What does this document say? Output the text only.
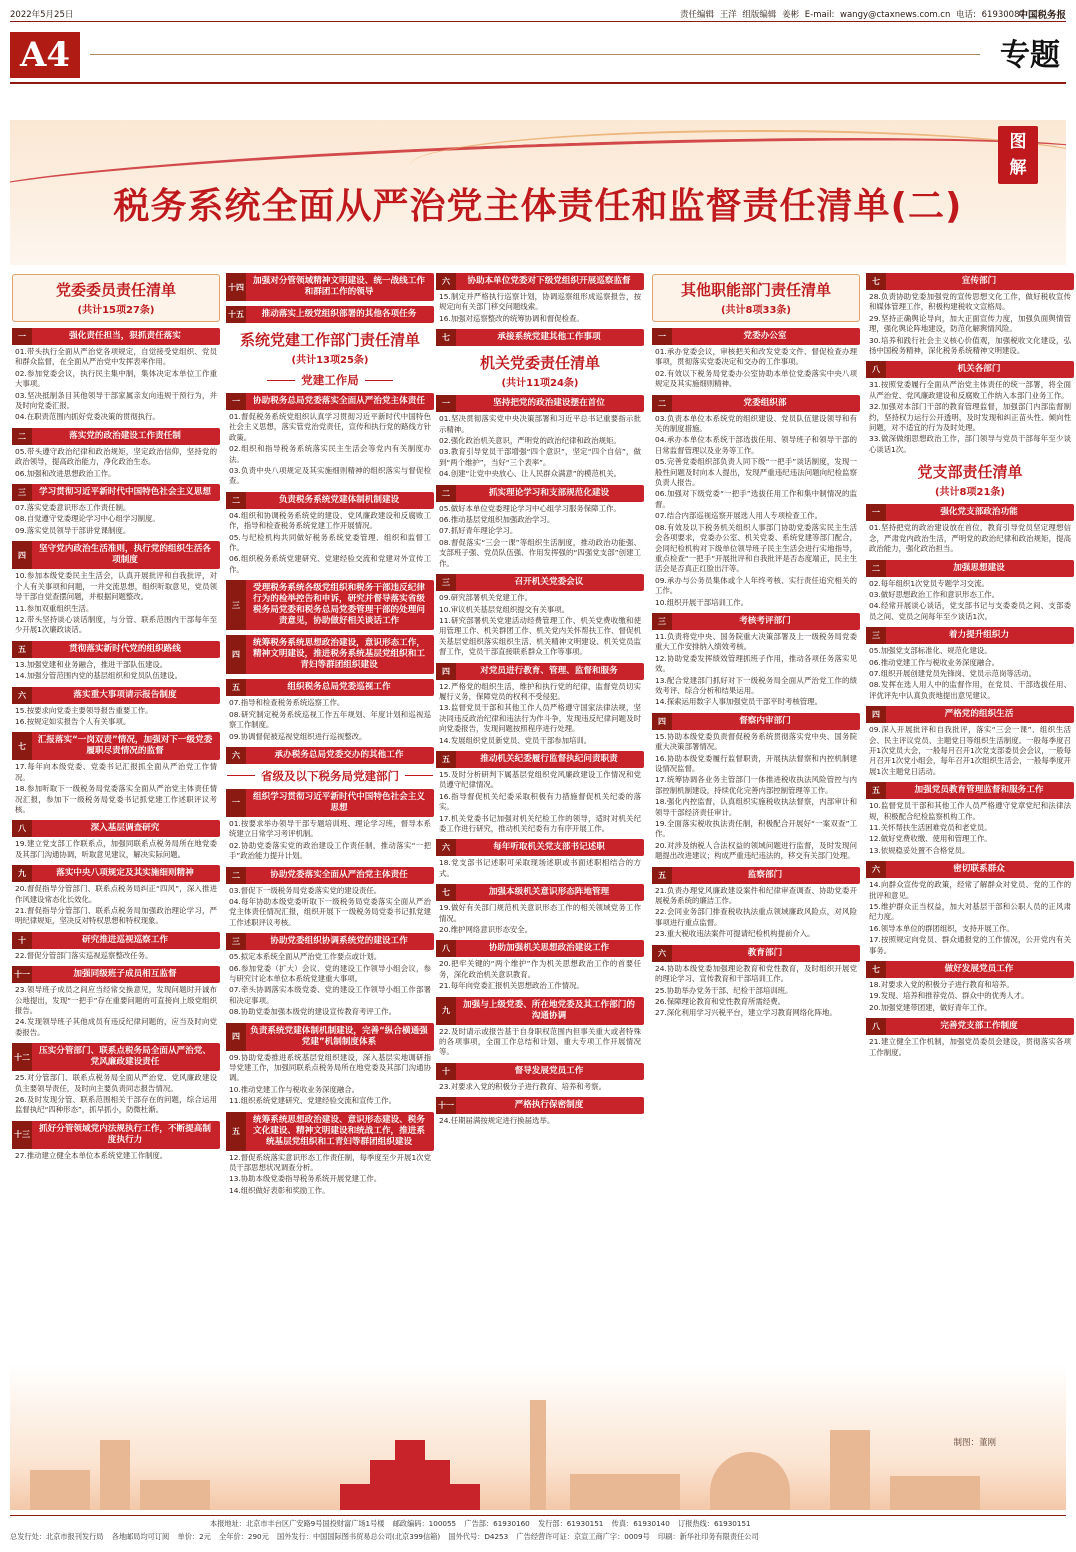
2022年5月25日	责任编辑 王洋 组版编辑 姜彬 E-mail: wangy@ctaxnews.com.cn 电话: 61930087
中国税务报
A4	专题
图
解
税务系统全面从严治党主体责任和监督责任清单(二)
党委委员责任清单
(共计15项27条)
一	强化责任担当，狠抓责任落实

01.带头执行全面从严治党各项规定，自觉接受党组织、党员和群众监督，在全面从严治党中发挥表率作用。

02.参加党委会议，执行民主集中制，集体决定本单位工作重大事项。

03.坚决抵制条目其他领导干部家属亲友向违规干预行为，并及时向党委汇报。

04.在职责范围内抓好党委决策的贯彻执行。

二	落实党的政治建设工作责任制

05.带头遵守政治纪律和政治规矩，坚定政治信仰，坚持党的政治领导，提高政治能力，净化政治生态。

06.加强和改进思想政治工作。

三	学习贯彻习近平新时代中国特色社会主义思想

07.落实党委意识形态工作责任制。

08.自觉遵守党委理论学习中心组学习制度。

09.落实党员领导干部讲党课制度。

四
坚守党内政治生活准则，执行党的组织生活各项制度

10.参加本级党委民主生活会，认真开展批评和自我批评，对个人有关事项和问题，一并交流思想，组织听取意见，党员领导干部自觉查摆问题，并根据问题整改。

11.参加双重组织生活。

12.带头坚持谈心谈话制度，与分管、联系范围内干部每年至少开展1次廉政谈话。

五	贯彻落实新时代党的组织路线

13.加强党建和业务融合，推进干部队伍建设。

14.加强分管范围内党的基层组织和党员队伍建设。

六	落实重大事项请示报告制度

15.按要求向党委主要领导报告重要工作。

16.按规定如实报告个人有关事项。

七
汇报落实“一岗双责”情况，加强对下一级党委履职尽责情况的监督

17.每年向本级党委、党委书记汇报抓全面从严治党工作情况。

18.参加听取下一级税务局党委落实全面从严治党主体责任情况汇报，参加下一级税务局党委书记抓党建工作述职评议考核。

八	深入基层调查研究

19.建立党支部工作联系点，加强同联系点税务局所在地党委及其部门沟通协调，听取意见建议，解决实际问题。

九	落实中央八项规定及其实施细则精神

20.督促指导分管部门、联系点税务局纠正“四风”，深入推进作风建设常态化长效化。

21.督促指导分管部门、联系点税务局加强政治理论学习，严明纪律规矩，坚决反对特权思想和特权现象。

十	研究推进巡视巡察工作

22.督促分管部门落实巡视巡察整改任务。

十一	加强同级班子成员相互监督

23.领导班子成员之间应当经常交换意见，发现问题时开诚布公地提出，发现“一把手”存在重要问题的可直接向上级党组织报告。

24.发现领导班子其他成员有违反纪律问题的，应当及时向党委报告。

十二
压实分管部门、联系点税务局全面从严治党、党风廉政建设责任

25.对分管部门、联系点税务局全面从严治党、党风廉政建设负主要领导责任，及时向主要负责同志报告情况。

26.及时发现分管、联系范围相关干部存在的问题，综合运用监督执纪“四种形态”，抓早抓小，防微杜渐。

十三
抓好分管领域党内法规执行工作，不断提高制度执行力

27.推动建立健全本单位本系统党建工作制度。

十四
加强对分管领域精神文明建设、统一战线工作和群团工作的领导
十五 推动落实上级党组织部署的其他各项任务
系统党建工作部门责任清单
(共计13项25条)
党建工作局
一	协助税务总局党委落实全面从严治党主体责任

01.督促税务系统党组织认真学习贯彻习近平新时代中国特色社会主义思想，落实管党治党责任，宣传和执行党的路线方针政策。

02.组织和指导税务系统落实民主生活会等党内有关制度办法。

03.负责中央八项规定及其实施细则精神的组织落实与督促检查。

二	负责税务系统党建体制机制建设

04.组织和协调税务系统党的建设、党风廉政建设和反腐败工作，指导和检查税务系统党建工作开展情况。

05.与纪检机构共同做好税务系统党委管理、组织和监督工作。

06.组织税务系统党建研究、党建经验交流和党建对外宣传工作。

三
受理税务系统各级党组织和税务干部违反纪律行为的检举控告和申诉，研究并督导落实省级税务局党委和税务总局党委管理干部的处理问责意见，协助做好相关谈话工作
四
统筹税务系统思想政治建设，意识形态工作，精神文明建设，推进税务系统基层党组织和工青妇等群团组织建设
五	组织税务总局党委巡视工作

07.指导和检查税务系统巡察工作。

08.研究制定税务系统巡视工作五年规划、年度计划和巡视巡察工作制度。

09.协调督促被巡视党组织进行巡视整改。

六	承办税务总局党委交办的其他工作
省级及以下税务局党建部门
一
组织学习贯彻习近平新时代中国特色社会主义思想

01.按要求举办领导干部专题培训班、理论学习班，督导本系统建立日常学习考评机制。

02.协助党委落实党的政治建设工作责任制，推动落实“一把手”政治能力提升计划。

二	协助党委落实全面从严治党主体责任

03.督促下一级税务局党委落实党的建设责任。

04.每年协助本级党委听取下一级税务局党委落实全面从严治党主体责任情况汇报，组织开展下一级税务局党委书记抓党建工作述职评议考核。

三	协助党委组织协调系统党的建设工作

05.拟定本系统全面从严治党工作要点或计划。

06.参加党委（扩大）会议、党的建设工作领导小组会议，参与研究讨论本单位本系统党建重大事项。

07.牵头协调落实本级党委、党的建设工作领导小组工作部署和决定事项。

08.协助党委加强本级党的建设宣传教育考评工作。

四
负责系统党建体制机制建设，完善“纵合横通强党建”机制制度体系

09.协助党委推进系统基层党组织建设，深入基层实地调研指导党建工作，加强同联系点税务局所在地党委及其部门沟通协调。

10.推动党建工作与税收业务深度融合。

11.组织系统党建研究、党建经验交流和宣传工作。

五
统筹系统思想政治建设、意识形态建设、税务文化建设、精神文明建设和统战工作，推进系统基层党组织和工青妇等群团组织建设

12.督促系统落实意识形态工作责任制，每季度至少开展1次党员干部思想状况调查分析。

13.协助本级党委指导税务系统开展党建工作。

14.组织做好表彰和奖励工作。

六	协助本单位党委对下级党组织开展巡察监督

15.制定并严格执行巡察计划，协调巡察组形成巡察报告，按规定向有关部门移交问题线索。

16.加强对巡察整改的统筹协调和督促检查。

七	承接系统党建其他工作事项
机关党委责任清单
(共计11项24条)
一	坚持把党的政治建设摆在首位

01.坚决贯彻落实党中央决策部署和习近平总书记重要指示批示精神。

02.强化政治机关意识，严明党的政治纪律和政治规矩。

03.教育引导党员干部增强“四个意识”，坚定“四个自信”，做到“两个维护”，当好“三个表率”。

04.创建“让党中央放心、让人民群众满意”的模范机关。

二	抓实理论学习和支部规范化建设

05.做好本单位党委理论学习中心组学习服务保障工作。

06.推动基层党组织加强政治学习。

07.抓好青年理论学习。

08.督促落实“三会一课”等组织生活制度，推动政治功能强、支部班子强、党员队伍强、作用发挥强的“四强党支部”创建工作。

三	召开机关党委会议

09.研究部署机关党建工作。

10.审议机关基层党组织提交有关事项。

11.研究部署机关党建活动经费管理工作、机关党费收缴和使用管理工作、机关群团工作、机关党内关怀帮扶工作、督促机关基层党组织落实组织生活、机关精神文明建设、机关党员监督工作，党员干部直接联系群众工作等事项。

四	对党员进行教育、管理、监督和服务

12.严格党的组织生活，维护和执行党的纪律，监督党员切实履行义务，保障党员的权利不受侵犯。

13.监督党员干部和其他工作人员严格遵守国家法律法规，坚决同违反政治纪律和违法行为作斗争，发现违反纪律问题及时向党委报告，发现问题按照程序进行处理。

14.发展组织党员新党员、党员干部参加培训。

五	推动机关纪委履行监督执纪问责职责

15.及时分析研判下属基层党组织党风廉政建设工作情况和党员遵守纪律情况。

16.指导督促机关纪委采取积极有力措施督促机关纪委的落实。

17.机关党委书记加强对机关纪检工作的领导，适时对机关纪委工作进行研究，推动机关纪委有力有序开展工作。

六	每年听取机关党支部书记述职

18.党支部书记述职可采取现场述职或书面述职相结合的方式。

七	加强本级机关意识形态阵地管理

19.做好有关部门规范机关意识形态工作的相关领域党务工作情况。

20.维护网络意识形态安全。

八	协助加强机关思想政治建设工作

20.把牢关键的“两个维护”作为机关思想政治工作的首要任务，深化政治机关意识教育。

21.每年向党委汇报机关思想政治工作情况。

九
加强与上级党委、所在地党委及其工作部门的沟通协调

22.及时请示或报告基于自身职权范围内但事关重大或者特殊的各项事项，全面工作总结和计划、重大专项工作开展情况等。

十	督导发展党员工作

23.对要求入党的积极分子进行教育、培养和考察。

十一	严格执行保密制度

24.任期届满按规定进行换届选举。

其他职能部门责任清单
(共计8项33条)
一	党委办公室

01.承办党委会议，审核把关和改发党委文件、督促检查办理事项，贯彻落实党委决定和交办的工作事项。

02.有效以下税务局党委办公室协助本单位党委落实中央八项规定及其实施细则精神。

二	党委组织部

03.负责本单位本系统党的组织建设、党员队伍建设领导和有关的制度措施。

04.承办本单位本系统干部选拔任用、领导班子和领导干部的日常监督管理以及业务等工作。

05.完善党委组织部负责人同下级“一把手”谈话制度，发现一般性问题及时向本人提出，发现严重违纪违法问题向纪检监察负责人报告。

06.加强对下级党委“一把手”选拔任用工作和集中制情况的监督。

07.结合内部巡视巡察开展选人用人专项检查工作。

08.有效及以下税务机关组织人事部门协助党委落实民主生活会各项要求，党委办公室、机关党委、系统党建等部门配合，会同纪检机构对下级单位领导班子民主生活会进行实地指导，重点检查“一把手”开展批评和自我批评是否态度端正，民主生活会是否真正红脸出汗等。

09.承办与公务员集体或个人年终考核、实行责任追究相关的工作。

10.组织开展干部培训工作。

三	考核考评部门

11.负责将党中央、国务院重大决策部署及上一级税务局党委重大工作安排纳入绩效考核。

12.协助党委发挥绩效管理抓班子作用，推动各项任务落实见效。

13.配合党建部门抓好对下一级税务局全面从严治党工作的绩效考评、综合分析和结果运用。

14.探索运用数字人事加强党员干部平时考核管理。

四	督察内审部门

15.协助本级党委负责督促税务系统贯彻落实党中央、国务院重大决策部署情况。

16.协助本级党委履行监督职责，开展执法督察和内控机制建设情况监督。

17.统筹协调各业务主管部门一体推进税收执法风险管控与内部控制机制建设，持续优化完善内部控制管理等工作。

18.强化内控监督，认真组织实施税收执法督察，内部审计和领导干部经济责任审计。

19.全面落实税收执法责任制，积极配合开展好“一案双查”工作。

20.对涉及纳税人合法权益的领域问题进行监督，及时发现问题提出改进建议；构成严重违纪违法的，移交有关部门处理。

五	监察部门

21.负责办理党风廉政建设案件和纪律审查调查、协助党委开展税务系统的廉洁工作。

22.会同业务部门排查税收执法重点领域廉政风险点，对风险事项进行重点监督。

23.重大税收违法案件可提请纪检机构提前介入。

六	教育部门

24.协助本级党委加强理论教育和党性教育，及时组织开展党的理论学习、宣传教育和干部培训工作。

25.协助举办党务干部、纪检干部培训班。

26.保障理论教育和党性教育所需经费。

27.深化利用学习兴税平台，建立学习教育网络化阵地。

七	宣传部门

28.负责协助党委加强党的宣传思想文化工作，做好税收宣传和媒体管理工作，积极构建税收文宣格局。

29.坚持正确舆论导向，加大正面宣传力度，加强负面舆情管理，强化舆论阵地建设，防范化解舆情风险。

30.培养和践行社会主义核心价值观，加强税收文化建设，弘扬中国税务精神，深化税务系统精神文明建设。

八	机关各部门

31.按照党委履行全面从严治党主体责任的统一部署，将全面从严治党、党风廉政建设和反腐败工作纳入本部门业务工作。

32.加强对本部门干部的教育管理监督，加强部门内部监督制约，坚持权力运行公开透明，及时发现和纠正苗头性、倾向性问题，对不适宜的行为及时处理。

33.做深做细思想政治工作，部门领导与党员干部每年至少谈心谈话1次。

党支部责任清单
(共计8项21条)
一	强化党支部政治功能

01.坚持把党的政治建设放在首位，教育引导党员坚定理想信念，严肃党内政治生活，严明党的政治纪律和政治规矩，提高政治能力，强化政治担当。

二	加强思想建设

02.每年组织1次党员专题学习交流。

03.做好思想政治工作和意识形态工作。

04.经常开展谈心谈话，党支部书记与支委委员之间、支部委员之间、党员之间每年至少谈话1次。

三	着力提升组织力

05.加强党支部标准化、规范化建设。

06.推动党建工作与税收业务深度融合。

07.组织开展创建党员先锋岗、党员示范岗等活动。

08.发挥在选人用人中的监督作用，在党员、干部选拔任用、评优评先中认真负责地提出意见建议。

四	严格党的组织生活

09.深入开展批评和自我批评，落实“三会一课”、组织生活会、民主评议党员、主题党日等组织生活制度。一般每季度召开1次党员大会，一般每月召开1次党支部委员会会议，一般每月召开1次党小组会，每年召开1次组织生活会，一般每季度开展1次主题党日活动。

五	加强党员教育管理监督和服务工作

10.监督党员干部和其他工作人员严格遵守党章党纪和法律法规，积极配合纪检监察机构工作。

11.关怀帮扶生活困难党员和老党员。

12.做好党费收缴、使用和管理工作。

13.依规稳妥处置不合格党员。

六	密切联系群众

14.向群众宣传党的政策，经常了解群众对党员、党的工作的批评和意见。

15.维护群众正当权益，加大对基层干部和公职人员的正风肃纪力度。

16.领导本单位的群团组织，支持开展工作。

17.按照规定向党员、群众通报党的工作情况，公开党内有关事务。

七	做好发展党员工作

18.对要求入党的积极分子进行教育和培养。

19.发现、培养和推荐党员、群众中的优秀人才。

20.加强党建带团建，做好青年工作。

八	完善党支部工作制度

21.建立健全工作机制，加强党员委员会建设，贯彻落实各项工作制度。

制图：董刚
本报地址：北京市丰台区广安路9号国投财富广场1号楼 邮政编码：100055 广告部：61930160 发行部：61930151 传真：61930140 订报热线：61930151
总发行处：北京市报刊发行局 各地邮局均可订阅 单价：2元 全年价：290元 国外发行：中国国际图书贸易总公司(北京399信箱) 国外代号：D4253 广告经营许可证：京宣工商广字：0009号 印刷：新华社印务有限责任公司
